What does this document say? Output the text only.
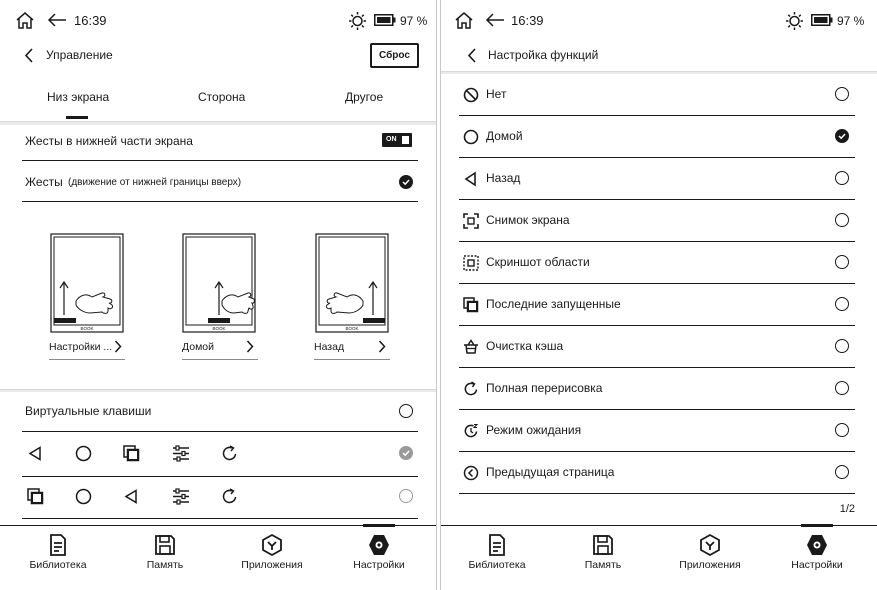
16:39	97 %
Управление	Сброс
Низ экрана	Сторона	Другое
Жесты в нижней части экрана	ON
Жесты (движение от нижней границы вверх)
BOOK	BOOK	BOOK
Настройки ...	Домой	Назад
Виртуальные клавиши
Библиотека	Память	Приложения	Настройки
16:39	97 %
Настройка функций
Нет
Домой
Назад
Снимок экрана
Скриншот области
Последние запущенные
Очистка кэша
Полная перерисовка
Режим ожидания
Предыдущая страница
1/2
Библиотека	Память	Приложения	Настройки
